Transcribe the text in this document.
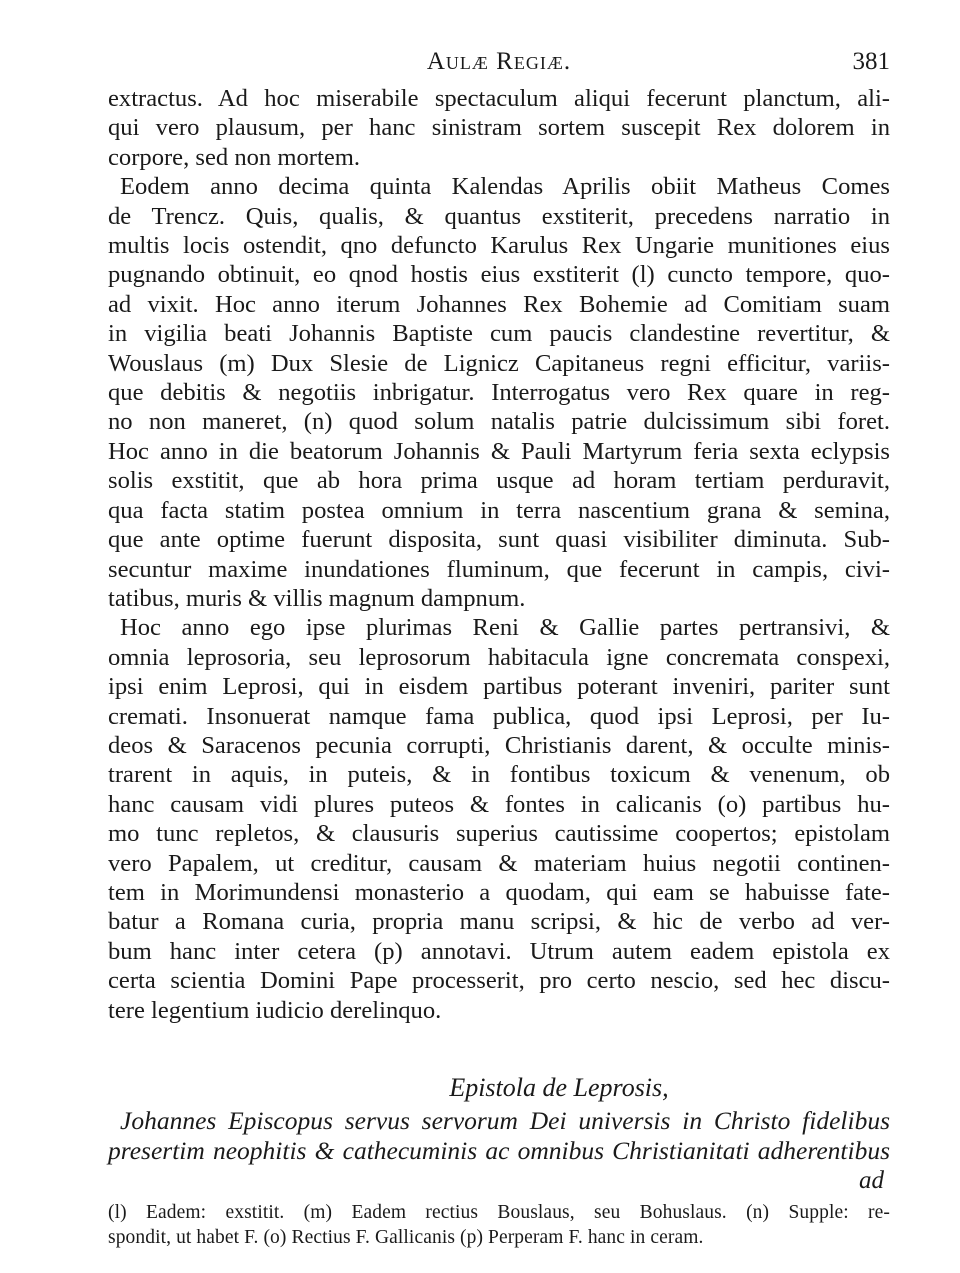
Aulæ Regiæ.	381
extractus. Ad hoc miserabile spectaculum aliqui fecerunt planctum, ali-
qui vero plausum, per hanc sinistram sortem suscepit Rex dolorem in
corpore, sed non mortem.
Eodem anno decima quinta Kalendas Aprilis obiit Matheus Comes
de Trencz. Quis, qualis, & quantus exstiterit, precedens narratio in
multis locis ostendit, qno defuncto Karulus Rex Ungarie munitiones eius
pugnando obtinuit, eo qnod hostis eius exstiterit (l) cuncto tempore, quo-
ad vixit. Hoc anno iterum Johannes Rex Bohemie ad Comitiam suam
in vigilia beati Johannis Baptiste cum paucis clandestine revertitur, &
Wouslaus (m) Dux Slesie de Lignicz Capitaneus regni efficitur, variis-
que debitis & negotiis inbrigatur. Interrogatus vero Rex quare in reg-
no non maneret, (n) quod solum natalis patrie dulcissimum sibi foret.
Hoc anno in die beatorum Johannis & Pauli Martyrum feria sexta eclypsis
solis exstitit, que ab hora prima usque ad horam tertiam perduravit,
qua facta statim postea omnium in terra nascentium grana & semina,
que ante optime fuerunt disposita, sunt quasi visibiliter diminuta. Sub-
secuntur maxime inundationes fluminum, que fecerunt in campis, civi-
tatibus, muris & villis magnum dampnum.
Hoc anno ego ipse plurimas Reni & Gallie partes pertransivi, &
omnia leprosoria, seu leprosorum habitacula igne concremata conspexi,
ipsi enim Leprosi, qui in eisdem partibus poterant inveniri, pariter sunt
cremati. Insonuerat namque fama publica, quod ipsi Leprosi, per Iu-
deos & Saracenos pecunia corrupti, Christianis darent, & occulte minis-
trarent in aquis, in puteis, & in fontibus toxicum & venenum, ob
hanc causam vidi plures puteos & fontes in calicanis (o) partibus hu-
mo tunc repletos, & clausuris superius cautissime coopertos; epistolam
vero Papalem, ut creditur, causam & materiam huius negotii continen-
tem in Morimundensi monasterio a quodam, qui eam se habuisse fate-
batur a Romana curia, propria manu scripsi, & hic de verbo ad ver-
bum hanc inter cetera (p) annotavi. Utrum autem eadem epistola ex
certa scientia Domini Pape processerit, pro certo nescio, sed hec discu-
tere legentium iudicio derelinquo.
Epistola de Leprosis,
Johannes Episcopus servus servorum Dei universis in Christo fidelibus
presertim neophitis & cathecuminis ac omnibus Christianitati adherentibus
ad
(l) Eadem: exstitit. (m) Eadem rectius Bouslaus, seu Bohuslaus. (n) Supple: re-
spondit, ut habet F. (o) Rectius F. Gallicanis (p) Perperam F. hanc in ceram.
